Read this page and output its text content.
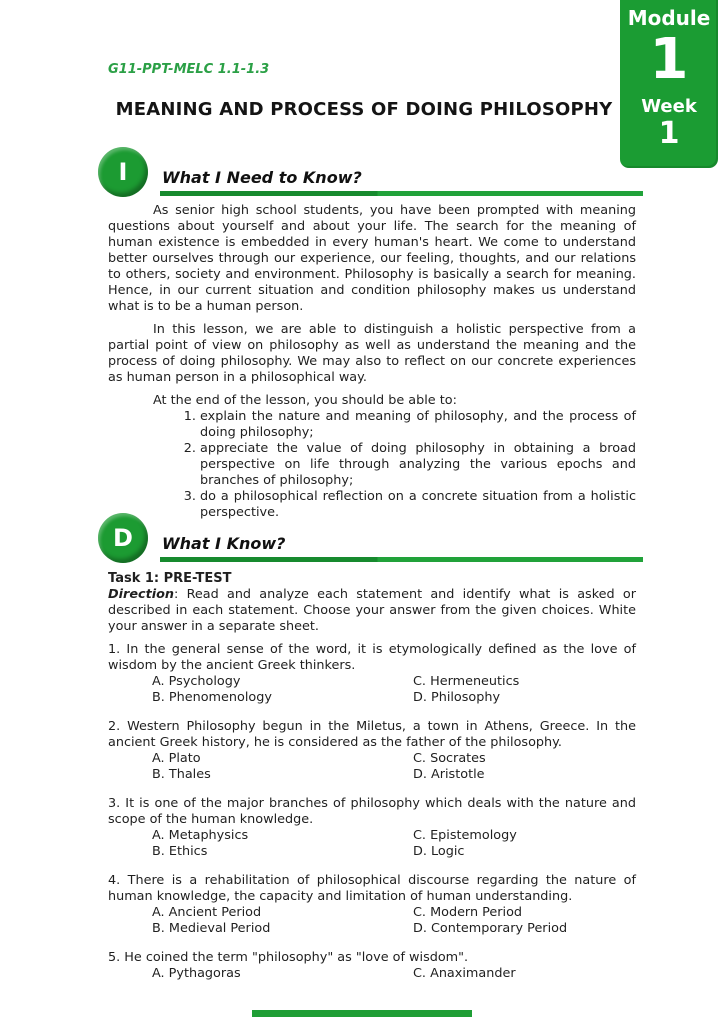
Module
1
Week
1
G11-PPT-MELC 1.1-1.3
MEANING AND PROCESS OF DOING PHILOSOPHY
I	What I Need to Know?

As senior high school students, you have been prompted with meaning questions about yourself and about your life. The search for the meaning of human existence is embedded in every human's heart. We come to understand better ourselves through our experience, our feeling, thoughts, and our relations to others, society and environment. Philosophy is basically a search for meaning. Hence, in our current situation and condition philosophy makes us understand what is to be a human person.

In this lesson, we are able to distinguish a holistic perspective from a partial point of view on philosophy as well as understand the meaning and the process of doing philosophy. We may also to reflect on our concrete experiences as human person in a philosophical way.

At the end of the lesson, you should be able to:

1. explain the nature and meaning of philosophy, and the process of doing philosophy;
2. appreciate the value of doing philosophy in obtaining a broad perspective on life through analyzing the various epochs and branches of philosophy;
3. do a philosophical reflection on a concrete situation from a holistic perspective.
D	What I Know?
Task 1: PRE-TEST

Direction

: Read and analyze each statement and identify what is asked or described in each statement. Choose your answer from the given choices. White your answer in a separate sheet.

1. In the general sense of the word, it is etymologically defined as the love of wisdom by the ancient Greek thinkers.
A. Psychology	C. Hermeneutics
B. Phenomenology	D. Philosophy
2. Western Philosophy begun in the Miletus, a town in Athens, Greece. In the ancient Greek history, he is considered as the father of the philosophy.
A. Plato	C. Socrates
B. Thales	D. Aristotle
3. It is one of the major branches of philosophy which deals with the nature and scope of the human knowledge.
A. Metaphysics	C. Epistemology
B. Ethics	D. Logic
4. There is a rehabilitation of philosophical discourse regarding the nature of human knowledge, the capacity and limitation of human understanding.
A. Ancient Period	C. Modern Period
B. Medieval Period	D. Contemporary Period
5. He coined the term "philosophy" as "love of wisdom".
A. Pythagoras	C. Anaximander
